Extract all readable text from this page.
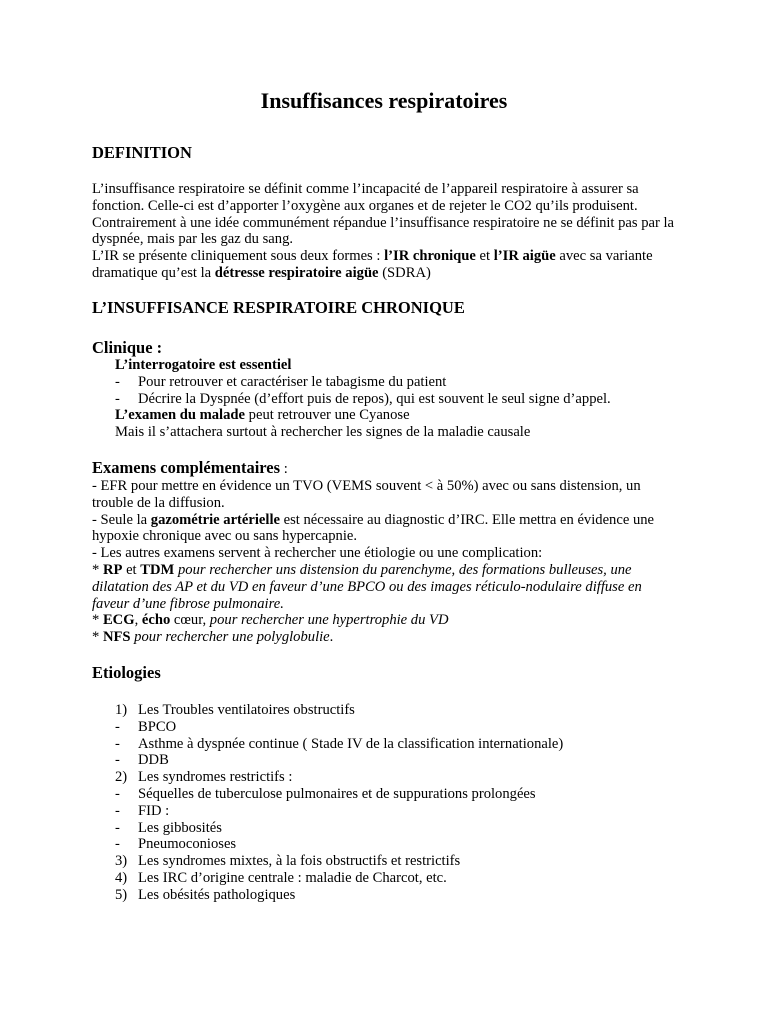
Insuffisances respiratoires
DEFINITION

L’insuffisance respiratoire se définit comme l’incapacité de l’appareil respiratoire à assurer sa fonction. Celle-ci est d’apporter l’oxygène aux organes et de rejeter le CO2 qu’ils produisent. Contrairement à une idée communément répandue l’insuffisance respiratoire ne se définit pas par la dyspnée, mais par les gaz du sang.

L’IR se présente cliniquement sous deux formes : l’IR chronique et l’IR aigüe avec sa variante dramatique qu’est la détresse respiratoire aigüe (SDRA)

L’INSUFFISANCE RESPIRATOIRE CHRONIQUE
Clinique :

L’interrogatoire est essentiel

- Pour retrouver et caractériser le tabagisme du patient

- Décrire la Dyspnée (d’effort puis de repos), qui est souvent le seul signe d’appel.

L’examen du malade peut retrouver une Cyanose

Mais il s’attachera surtout à rechercher les signes de la maladie causale

Examens complémentaires :

- EFR pour mettre en évidence un TVO (VEMS souvent < à 50%) avec ou sans distension, un trouble de la diffusion.

- Seule la gazométrie artérielle est nécessaire au diagnostic d’IRC. Elle mettra en évidence une hypoxie chronique avec ou sans hypercapnie.

- Les autres examens servent à rechercher une étiologie ou une complication:

* RP et TDM pour rechercher uns distension du parenchyme, des formations bulleuses, une dilatation des AP et du VD en faveur d’une BPCO ou des images réticulo-nodulaire diffuse en faveur d’une fibrose pulmonaire.

* ECG, écho cœur, pour rechercher une hypertrophie du VD

* NFS pour rechercher une polyglobulie.

Etiologies

1) Les Troubles ventilatoires obstructifs

- BPCO

- Asthme à dyspnée continue ( Stade IV de la classification internationale)

- DDB

2) Les syndromes restrictifs :

- Séquelles de tuberculose pulmonaires et de suppurations prolongées

- FID :

- Les gibbosités

- Pneumoconioses

3) Les syndromes mixtes, à la fois obstructifs et restrictifs

4) Les IRC d’origine centrale : maladie de Charcot, etc.

5) Les obésités pathologiques
